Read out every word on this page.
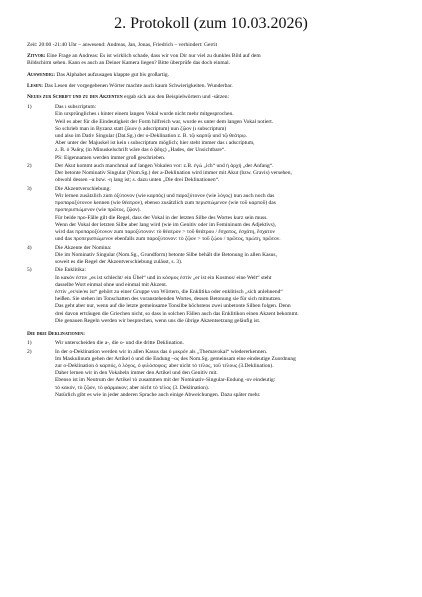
2. Protokoll (zum 10.03.2026)

Zeit: 20:00 -21:40 Uhr – anwesend: Andreas, Jan, Jonas, Friedrich – verhindert: Gerrit

Zitvor: Eine Frage an Andreas: Es ist wirklich schade, dass wir von Dir nur viel zu dunkles Bild auf dem
Bildschirm sehen. Kann es auch an Deiner Kamera liegen? Bitte überprüfe das doch einmal.

Auswendig: Das Alphabet aufzusagen klappte gut bis großartig.

Lesen: Das Lesen der vorgegebenen Wörter machte auch kaum Schwierigkeiten. Wunderbar.

Neues zur Schrift und zu den Akzenten ergab sich aus den Beispielwörtern und -sätzen:

1)	Das ι subscriptum:
Ein ursprüngliches ι hinter einem langen Vokal wurde nicht mehr mitgesprochen.
Weil es aber für die Eindeutigkeit der Form hilfreich war, wurde es unter dem langen Vokal notiert.
So schrieb man in Byzanz statt ζῶιον (ι adscriptum) nun ζῷον (ι subscriptum)
und also im Dativ Singular (Dat.Sg.) der o-Deklination z. B. τῷ καρπῷ und τῷ θεάτρῳ.
Aber unter der Majuskel ist kein ι subscriptum möglich; hier steht immer das ι adscriptum,
z. B. ὁ Ἅιδης (in Minuskelschrift wäre das ὁ ᾅδης) „Hades, der Unsichtbare“.
PS: Eigennamen werden immer groß geschrieben.
2)	Der Akut kommt auch manchmal auf langen Vokalen vor: z.B. ἐγώ „ich“ und ἡ ἀρχή „der Anfang“.
Der betonte Nominativ Singular (Nom.Sg.) der a-Deklination wird immer mit Akut (bzw. Gravis) versehen,
obwohl dessen –α bzw. -η lang ist; s. dazu unten „Die drei Deklinationen“.
3)	Die Akzentverschiebung:
Wir lernen zusätzlich zum ὀξύτονον (wie καρπός) und παροξύτονον (wie λόγος) nun auch noch das
προπαροξύτονον kennen (wie θέατρον), ebenso zusätzlich zum περισπώμενον (wie τοῦ καρποῦ) das
προπερισπώμενον (wie πρῶτος, ζῷον).
Für beide προ-Fälle gilt die Regel, dass der Vokal in der letzten Silbe des Wortes kurz sein muss.
Wenn der Vokal der letzten Silbe aber lang wird (wie im Genitiv oder im Femininum des Adjektivs),
wird das προπαροξύτονον zum παροξύτονον: τὸ θέατρον > τοῦ θεάτρου / ἔσχατος, ἐσχάτη, ἔσχατον
und das προπερισπώμενον ebenfalls zum παροξύτονον: τὸ ζῷον > τοῦ ζῴου / πρῶτος, πρώτη, πρῶτον.
4)	Die Akzente der Nomina:
Die im Nominativ Singular (Nom.Sg., Grundform) betonte Silbe behält die Betonung in allen Kasus,
soweit es die Regel der Akzentverschiebung zulässt, s. 3).
5)	Die Enklitika:
In κακόν ἐστιν „es ist schlecht/ ein Übel“ und in κόσμος ἐστίν „er ist ein Kosmos/ eine Welt“ steht
dasselbe Wort einmal ohne und einmal mit Akzent.
ἐστίν „er/sie/es ist“ gehört zu einer Gruppe von Wörtern, die Enklitika oder enklitisch „sich anlehnend“
heißen. Sie stehen im Tonschatten des voranstehenden Wortes, dessen Betonung sie für sich mitnutzen.
Das geht aber nur, wenn auf die letzte gemeinsame Tonsilbe höchstens zwei unbetonte Silben folgen. Denn
drei davon erträugen die Griechen nicht, so dass in solchen Fällen auch das Enklitikon einen Akzent bekommt.
Die genauen Regeln werden wir besprechen, wenn uns die übrige Akzentsetzung geläufig ist.

Die drei Deklinationen:

1)	Wir unterscheiden die a-, die o- und die dritte Deklination.
2)	In der o-Deklination werden wir in allen Kasus das ὁ μικρόν als „Themavokal“ wiedererkennen.
Im Maskulinum gehen der Artikel ὁ und die Endung –ος des Nom.Sg. gemeinsam eine eindeutige Zuordnung
zur o-Deklination ὁ καρπός, ὁ λόγος, ὁ φιλόσοφος; aber nicht τὸ τέλος, τοῦ τέλους (3.Deklination).
Daher lernen wir in den Vokabeln immer den Artikel und den Genitiv mit.
Ebenso ist im Neutrum der Artikel τὸ zusammen mit der Nominativ-Singular-Endung -ον eindeutig:
τὸ κακόν, τὸ ζῷον, τὸ φάρμακον; aber nicht τὸ τέλος (3. Deklination).
Natürlich gibt es wie in jeder anderen Sprache auch einige Abweichungen. Dazu später mehr.
